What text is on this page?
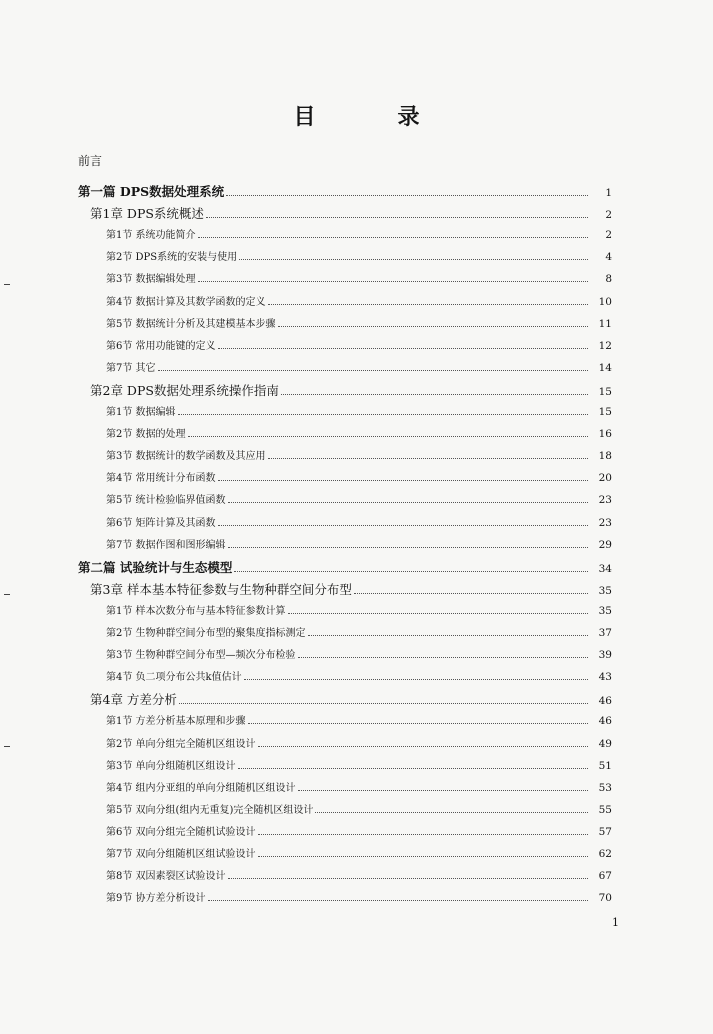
目　录
前言
第一篇 DPS数据处理系统	1
第1章 DPS系统概述	2
第1节 系统功能简介	2
第2节 DPS系统的安装与使用	4
第3节 数据编辑处理	8
第4节 数据计算及其数学函数的定义	10
第5节 数据统计分析及其建模基本步骤	11
第6节 常用功能键的定义	12
第7节 其它	14
第2章 DPS数据处理系统操作指南	15
第1节 数据编辑	15
第2节 数据的处理	16
第3节 数据统计的数学函数及其应用	18
第4节 常用统计分布函数	20
第5节 统计检验临界值函数	23
第6节 矩阵计算及其函数	23
第7节 数据作图和图形编辑	29
第二篇 试验统计与生态模型	34
第3章 样本基本特征参数与生物种群空间分布型	35
第1节 样本次数分布与基本特征参数计算	35
第2节 生物种群空间分布型的聚集度指标测定	37
第3节 生物种群空间分布型—频次分布检验	39
第4节 负二项分布公共k值估计	43
第4章 方差分析	46
第1节 方差分析基本原理和步骤	46
第2节 单向分组完全随机区组设计	49
第3节 单向分组随机区组设计	51
第4节 组内分亚组的单向分组随机区组设计	53
第5节 双向分组(组内无重复)完全随机区组设计	55
第6节 双向分组完全随机试验设计	57
第7节 双向分组随机区组试验设计	62
第8节 双因素裂区试验设计	67
第9节 协方差分析设计	70
1
